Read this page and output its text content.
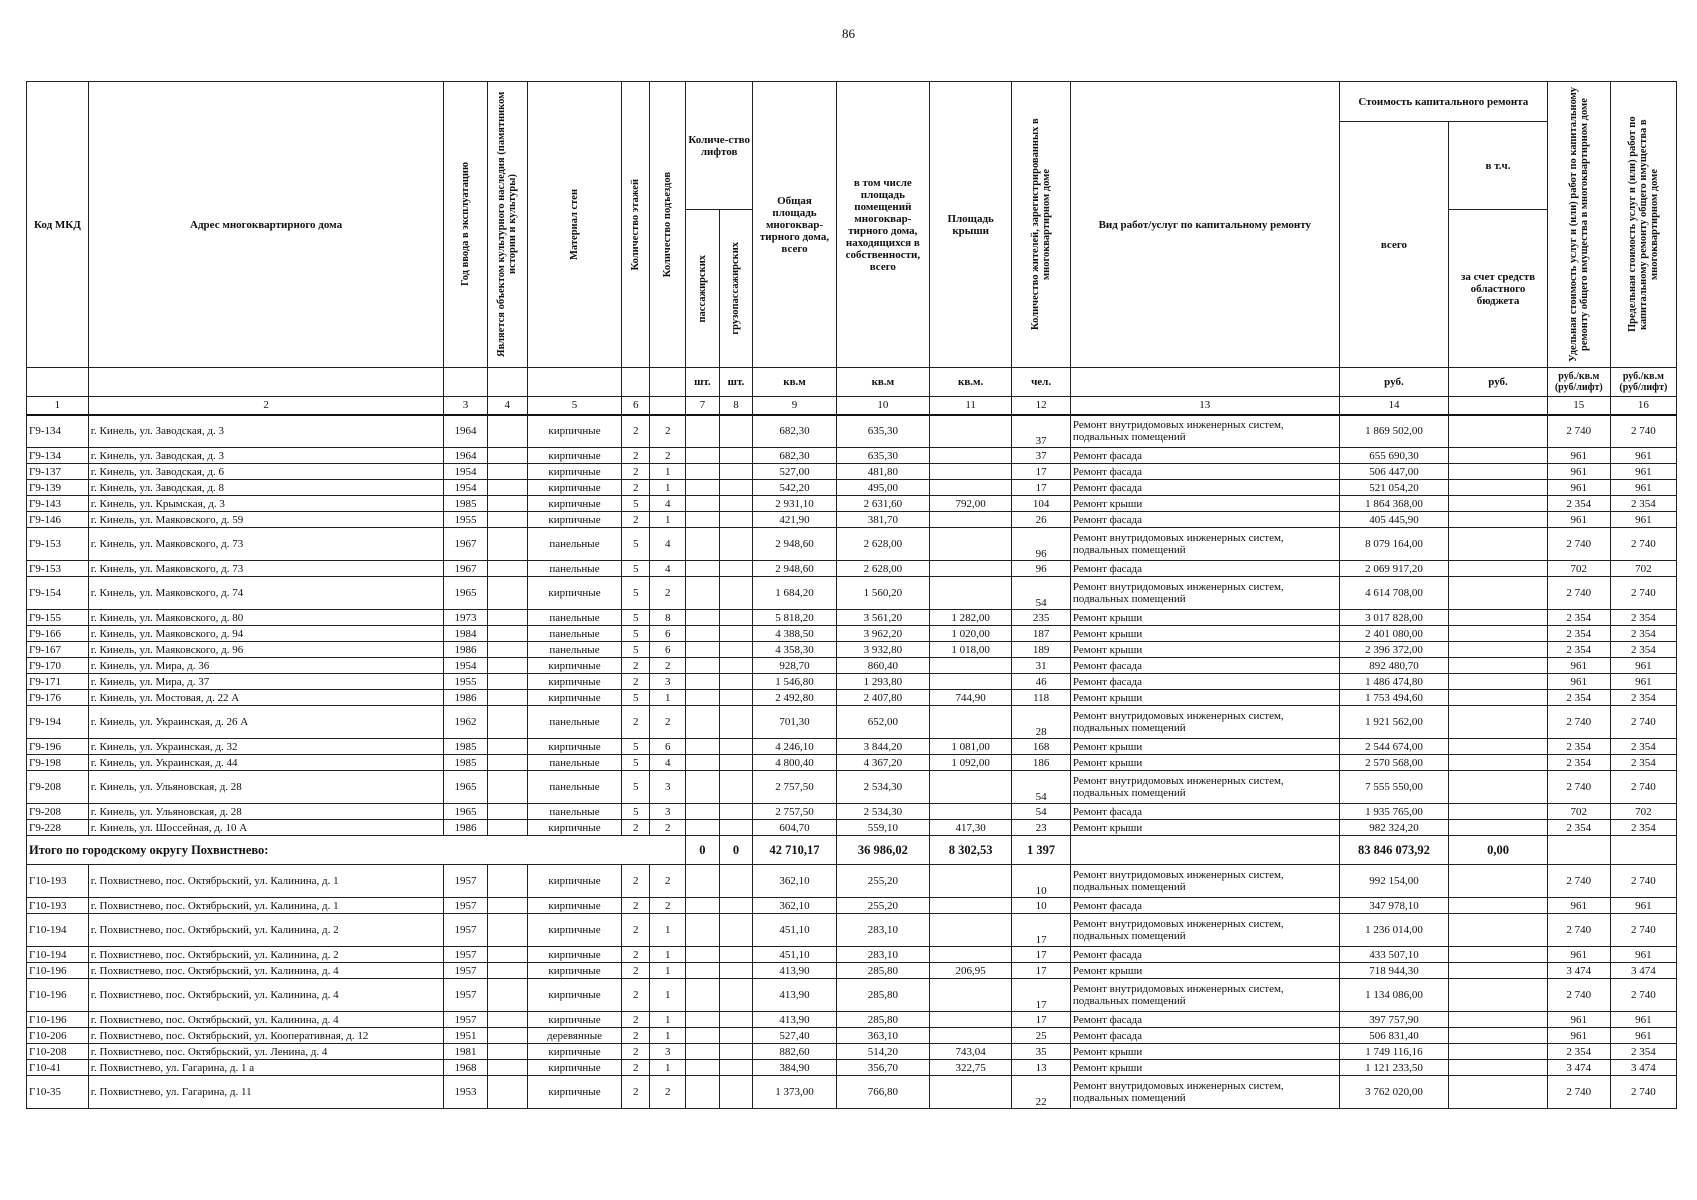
86
Код МКД	Адрес многоквартирного дома	Год ввода в эксплуатацию	Является объектом культурного наследия (памятником истории и культуры)	Материал стен	Количество этажей	Количество подъездов	Количе-ство лифтов		Общая площадь многоквар-тирного дома, всего	в том числе площадь помещений многоквар-тирного дома, находящихся в собственности, всего	Площадь крыши	Количество жителей, зарегистрированных в многоквартирном доме	Вид работ/услуг по капитальному ремонту	Стоимость капитального ремонта		Удельная стоимость услуг и (или) работ по капитальному ремонту общего имущества в многоквартирном доме	Предельная стоимость услуг и (или) работ по капитальному ремонту общего имущества в многоквартирном доме

														всего	в т.ч.		

							пассажирских	грузопассажирских							за счет средств областного бюджета		
							шт.	шт.	кв.м	кв.м	кв.м.	чел.		руб.	руб.	руб./кв.м (руб/лифт)	руб./кв.м (руб/лифт)
1	2	3	4	5	6		7	8	9	10	11	12	13	14		15	16
Г9-134	г. Кинель, ул. Заводская, д. 3	1964		кирпичные	2	2			682,30	635,30		37	Ремонт внутридомовых инженерных систем, подвальных помещений	1 869 502,00		2 740	2 740
Г9-134	г. Кинель, ул. Заводская, д. 3	1964		кирпичные	2	2			682,30	635,30		37	Ремонт фасада	655 690,30		961	961
Г9-137	г. Кинель, ул. Заводская, д. 6	1954		кирпичные	2	1			527,00	481,80		17	Ремонт фасада	506 447,00		961	961
Г9-139	г. Кинель, ул. Заводская, д. 8	1954		кирпичные	2	1			542,20	495,00		17	Ремонт фасада	521 054,20		961	961
Г9-143	г. Кинель, ул. Крымская, д. 3	1985		кирпичные	5	4			2 931,10	2 631,60	792,00	104	Ремонт крыши	1 864 368,00		2 354	2 354
Г9-146	г. Кинель, ул. Маяковского, д. 59	1955		кирпичные	2	1			421,90	381,70		26	Ремонт фасада	405 445,90		961	961
Г9-153	г. Кинель, ул. Маяковского, д. 73	1967		панельные	5	4			2 948,60	2 628,00		96	Ремонт внутридомовых инженерных систем, подвальных помещений	8 079 164,00		2 740	2 740
Г9-153	г. Кинель, ул. Маяковского, д. 73	1967		панельные	5	4			2 948,60	2 628,00		96	Ремонт фасада	2 069 917,20		702	702
Г9-154	г. Кинель, ул. Маяковского, д. 74	1965		кирпичные	5	2			1 684,20	1 560,20		54	Ремонт внутридомовых инженерных систем, подвальных помещений	4 614 708,00		2 740	2 740
Г9-155	г. Кинель, ул. Маяковского, д. 80	1973		панельные	5	8			5 818,20	3 561,20	1 282,00	235	Ремонт крыши	3 017 828,00		2 354	2 354
Г9-166	г. Кинель, ул. Маяковского, д. 94	1984		панельные	5	6			4 388,50	3 962,20	1 020,00	187	Ремонт крыши	2 401 080,00		2 354	2 354
Г9-167	г. Кинель, ул. Маяковского, д. 96	1986		панельные	5	6			4 358,30	3 932,80	1 018,00	189	Ремонт крыши	2 396 372,00		2 354	2 354
Г9-170	г. Кинель, ул. Мира, д. 36	1954		кирпичные	2	2			928,70	860,40		31	Ремонт фасада	892 480,70		961	961
Г9-171	г. Кинель, ул. Мира, д. 37	1955		кирпичные	2	3			1 546,80	1 293,80		46	Ремонт фасада	1 486 474,80		961	961
Г9-176	г. Кинель, ул. Мостовая, д. 22 А	1986		кирпичные	5	1			2 492,80	2 407,80	744,90	118	Ремонт крыши	1 753 494,60		2 354	2 354
Г9-194	г. Кинель, ул. Украинская, д. 26 А	1962		панельные	2	2			701,30	652,00		28	Ремонт внутридомовых инженерных систем, подвальных помещений	1 921 562,00		2 740	2 740
Г9-196	г. Кинель, ул. Украинская, д. 32	1985		кирпичные	5	6			4 246,10	3 844,20	1 081,00	168	Ремонт крыши	2 544 674,00		2 354	2 354
Г9-198	г. Кинель, ул. Украинская, д. 44	1985		панельные	5	4			4 800,40	4 367,20	1 092,00	186	Ремонт крыши	2 570 568,00		2 354	2 354
Г9-208	г. Кинель, ул. Ульяновская, д. 28	1965		панельные	5	3			2 757,50	2 534,30		54	Ремонт внутридомовых инженерных систем, подвальных помещений	7 555 550,00		2 740	2 740
Г9-208	г. Кинель, ул. Ульяновская, д. 28	1965		панельные	5	3			2 757,50	2 534,30		54	Ремонт фасада	1 935 765,00		702	702
Г9-228	г. Кинель, ул. Шоссейная, д. 10 А	1986		кирпичные	2	2			604,70	559,10	417,30	23	Ремонт крыши	982 324,20		2 354	2 354
Итого по городскому округу Похвистнево:							0	0	42 710,17	36 986,02	8 302,53	1 397		83 846 073,92	0,00		
Г10-193	г. Похвистнево, пос. Октябрьский, ул. Калинина, д. 1	1957		кирпичные	2	2			362,10	255,20		10	Ремонт внутридомовых инженерных систем, подвальных помещений	992 154,00		2 740	2 740
Г10-193	г. Похвистнево, пос. Октябрьский, ул. Калинина, д. 1	1957		кирпичные	2	2			362,10	255,20		10	Ремонт фасада	347 978,10		961	961
Г10-194	г. Похвистнево, пос. Октябрьский, ул. Калинина, д. 2	1957		кирпичные	2	1			451,10	283,10		17	Ремонт внутридомовых инженерных систем, подвальных помещений	1 236 014,00		2 740	2 740
Г10-194	г. Похвистнево, пос. Октябрьский, ул. Калинина, д. 2	1957		кирпичные	2	1			451,10	283,10		17	Ремонт фасада	433 507,10		961	961
Г10-196	г. Похвистнево, пос. Октябрьский, ул. Калинина, д. 4	1957		кирпичные	2	1			413,90	285,80	206,95	17	Ремонт крыши	718 944,30		3 474	3 474
Г10-196	г. Похвистнево, пос. Октябрьский, ул. Калинина, д. 4	1957		кирпичные	2	1			413,90	285,80		17	Ремонт внутридомовых инженерных систем, подвальных помещений	1 134 086,00		2 740	2 740
Г10-196	г. Похвистнево, пос. Октябрьский, ул. Калинина, д. 4	1957		кирпичные	2	1			413,90	285,80		17	Ремонт фасада	397 757,90		961	961
Г10-206	г. Похвистнево, пос. Октябрьский, ул. Кооперативная, д. 12	1951		деревянные	2	1			527,40	363,10		25	Ремонт фасада	506 831,40		961	961
Г10-208	г. Похвистнево, пос. Октябрьский, ул. Ленина, д. 4	1981		кирпичные	2	3			882,60	514,20	743,04	35	Ремонт крыши	1 749 116,16		2 354	2 354
Г10-41	г. Похвистнево, ул. Гагарина, д. 1 а	1968		кирпичные	2	1			384,90	356,70	322,75	13	Ремонт крыши	1 121 233,50		3 474	3 474
Г10-35	г. Похвистнево, ул. Гагарина, д. 11	1953		кирпичные	2	2			1 373,00	766,80		22	Ремонт внутридомовых инженерных систем, подвальных помещений	3 762 020,00		2 740	2 740
